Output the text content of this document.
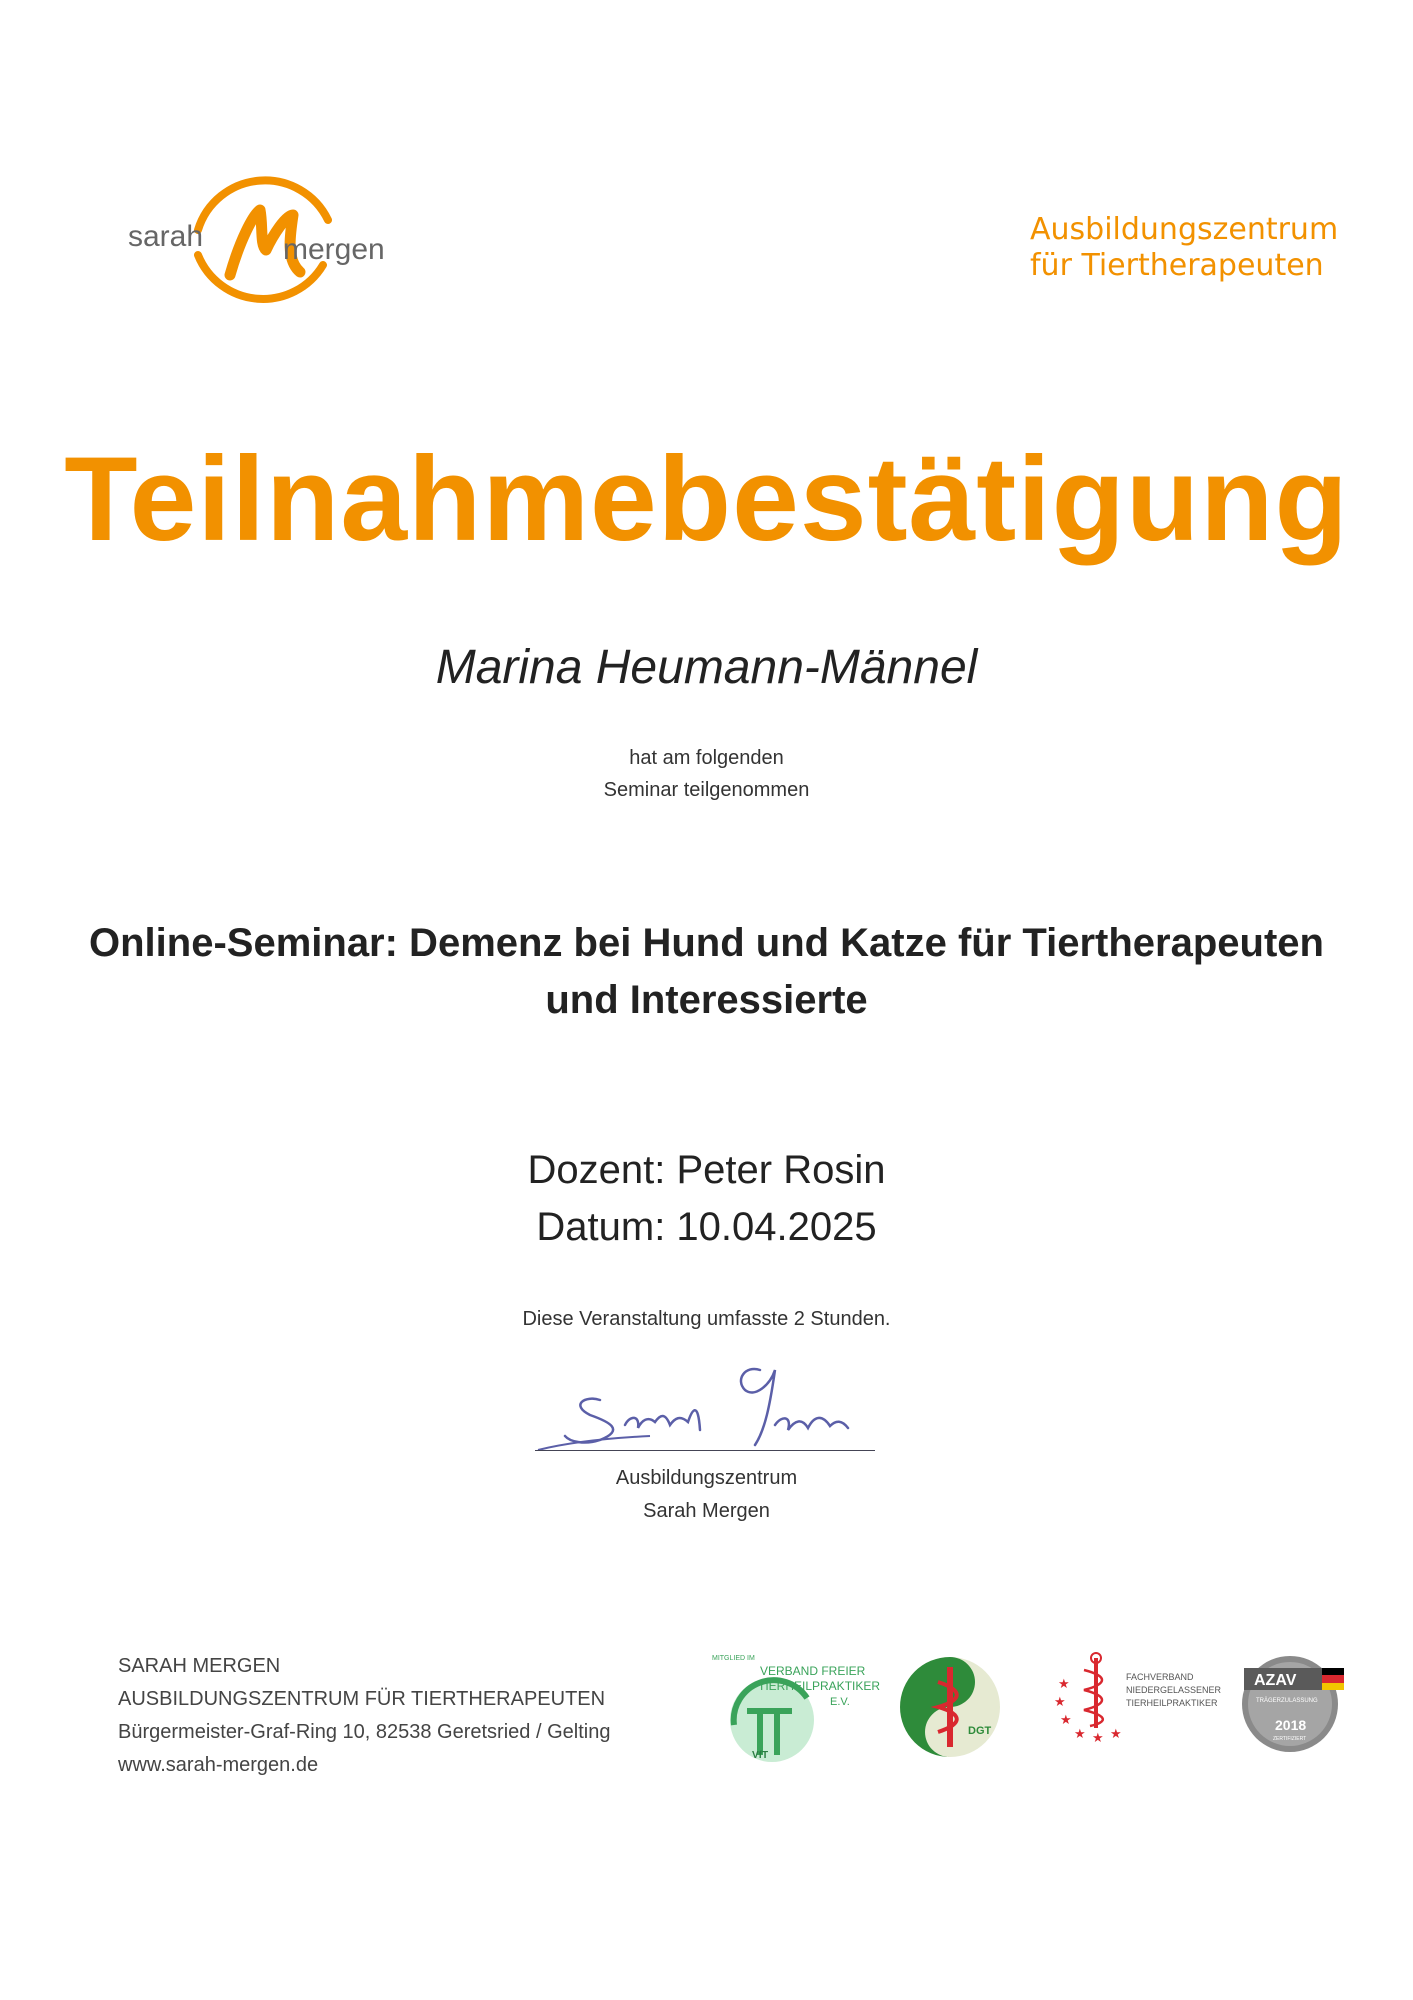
sarah	mergen
Ausbildungszentrum
für Tiertherapeuten
Teilnahmebestätigung
Marina Heumann-Männel
hat am folgenden
Seminar teilgenommen
Online-Seminar: Demenz bei Hund und Katze für Tiertherapeuten
und Interessierte
Dozent: Peter Rosin
Datum: 10.04.2025
Diese Veranstaltung umfasste 2 Stunden.
Ausbildungszentrum
Sarah Mergen
SARAH MERGEN
AUSBILDUNGSZENTRUM FÜR TIERTHERAPEUTEN
Bürgermeister-Graf-Ring 10, 82538 Geretsried / Gelting
www.sarah-mergen.de
MITGLIED IM
VERBAND FREIER
TIERHEILPRAKTIKER
E.V.
VfT
DGT
★
★
★
★ ★ ★
FACHVERBAND
NIEDERGELASSENER
TIERHEILPRAKTIKER
AZAV
TRÄGERZULASSUNG
2018
ZERTIFIZIERT
